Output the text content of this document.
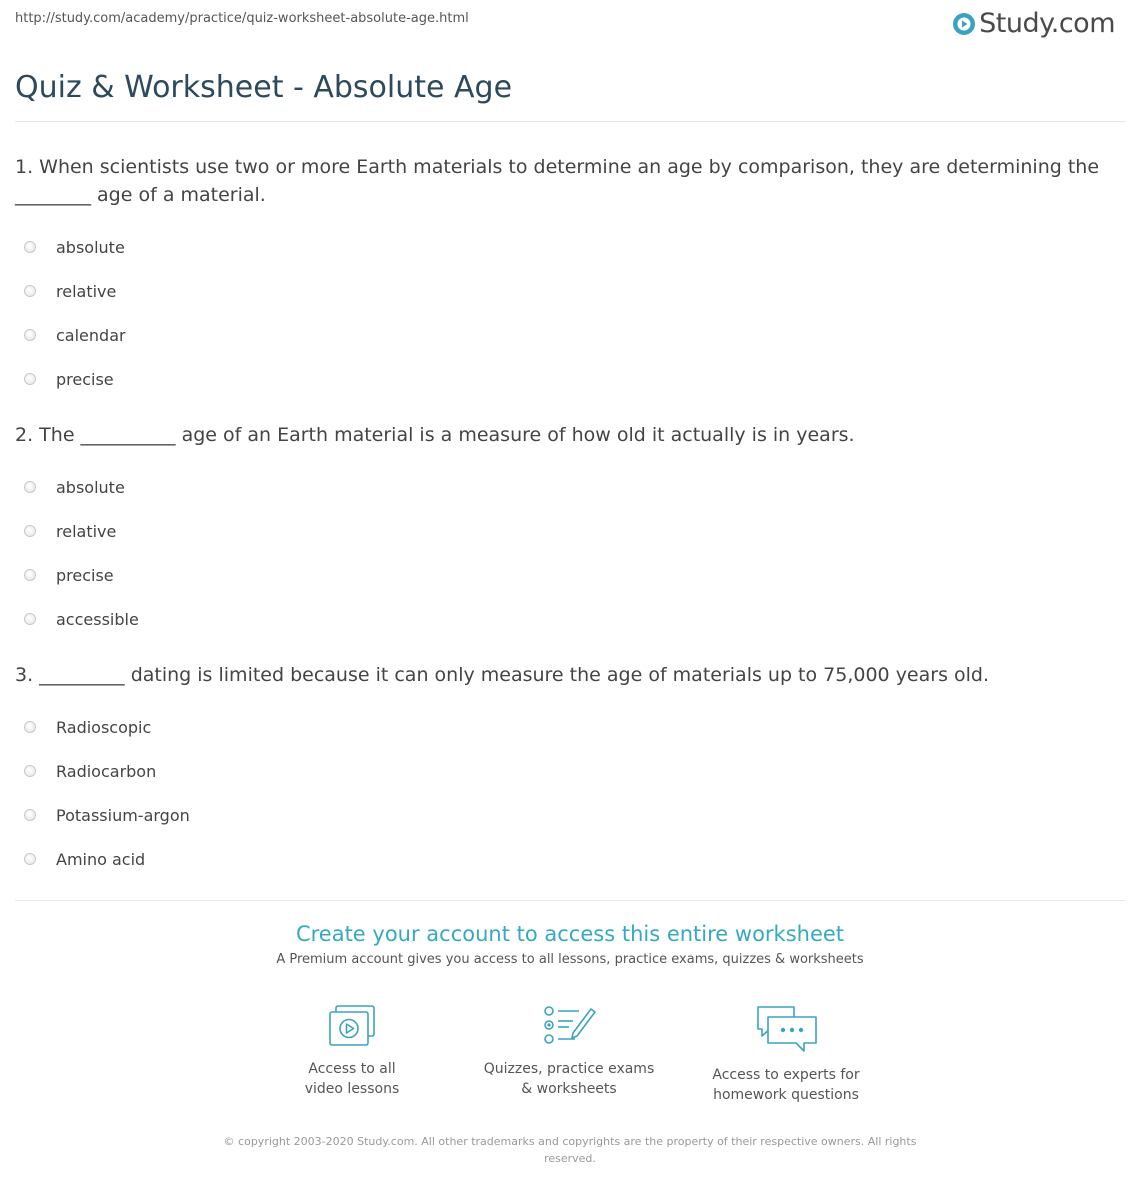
http://study.com/academy/practice/quiz-worksheet-absolute-age.html	Study.com
Quiz & Worksheet - Absolute Age
1. When scientists use two or more Earth materials to determine an age by comparison, they are determining the ________ age of a material.
absolute
relative
calendar
precise
2. The __________ age of an Earth material is a measure of how old it actually is in years.
absolute
relative
precise
accessible
3. _________ dating is limited because it can only measure the age of materials up to 75,000 years old.
Radioscopic
Radiocarbon
Potassium-argon
Amino acid
Create your account to access this entire worksheet

A Premium account gives you access to all lessons, practice exams, quizzes & worksheets

Access to all
video lessons
Quizzes, practice exams
& worksheets
Access to experts for
homework questions
© copyright 2003-2020 Study.com. All other trademarks and copyrights are the property of their respective owners. All rights reserved.
